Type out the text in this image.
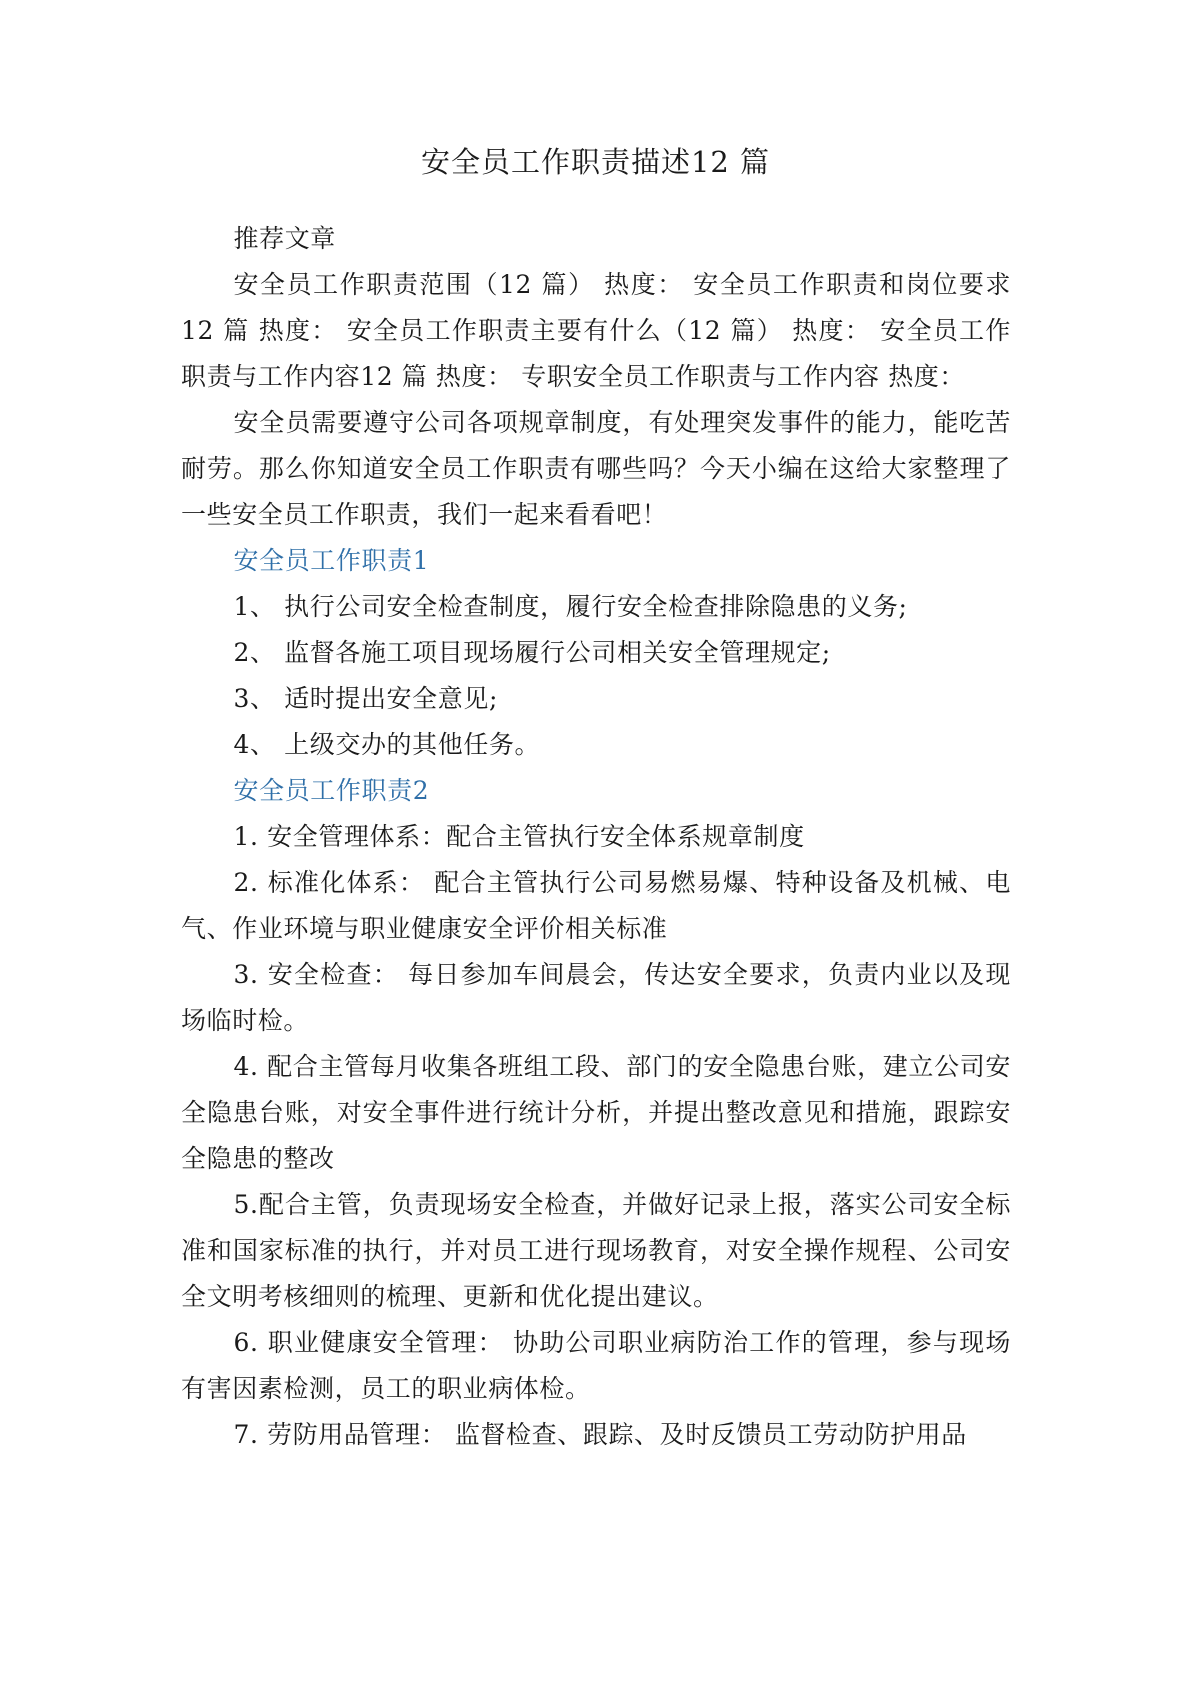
安全员工作职责描述12 篇

推荐文章

安全员工作职责范围（12 篇） 热度： 安全员工作职责和岗位要求12 篇 热度： 安全员工作职责主要有什么（12 篇） 热度： 安全员工作职责与工作内容12 篇 热度： 专职安全员工作职责与工作内容 热度：

安全员需要遵守公司各项规章制度，有处理突发事件的能力，能吃苦耐劳。那么你知道安全员工作职责有哪些吗？今天小编在这给大家整理了一些安全员工作职责，我们一起来看看吧！

安全员工作职责1

1、 执行公司安全检查制度，履行安全检查排除隐患的义务;

2、 监督各施工项目现场履行公司相关安全管理规定;

3、 适时提出安全意见;

4、 上级交办的其他任务。

安全员工作职责2

1. 安全管理体系：配合主管执行安全体系规章制度

2. 标准化体系： 配合主管执行公司易燃易爆、特种设备及机械、电气、作业环境与职业健康安全评价相关标准

3. 安全检查： 每日参加车间晨会，传达安全要求，负责内业以及现场临时检。

4. 配合主管每月收集各班组工段、部门的安全隐患台账，建立公司安全隐患台账，对安全事件进行统计分析，并提出整改意见和措施，跟踪安全隐患的整改

5.配合主管，负责现场安全检查，并做好记录上报，落实公司安全标准和国家标准的执行，并对员工进行现场教育，对安全操作规程、公司安全文明考核细则的梳理、更新和优化提出建议。

6. 职业健康安全管理： 协助公司职业病防治工作的管理，参与现场有害因素检测，员工的职业病体检。

7. 劳防用品管理： 监督检查、跟踪、及时反馈员工劳动防护用品
